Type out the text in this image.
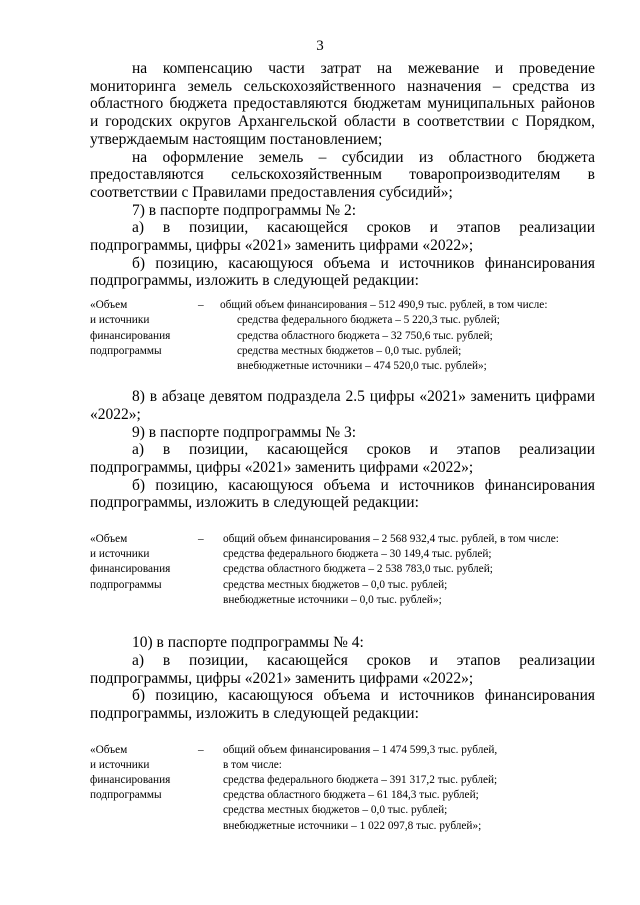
3

на компенсацию части затрат на межевание и проведение мониторинга земель сельскохозяйственного назначения – средства из областного бюджета предоставляются бюджетам муниципальных районов и городских округов Архангельской области в соответствии с Порядком, утверждаемым настоящим постановлением;

на оформление земель – субсидии из областного бюджета предоставляются сельскохозяйственным товаропроизводителям в соответствии с Правилами предоставления субсидий»;

7) в паспорте подпрограммы № 2:

а) в позиции, касающейся сроков и этапов реализации подпрограммы, цифры «2021» заменить цифрами «2022»;

б) позицию, касающуюся объема и источников финансирования подпрограммы, изложить в следующей редакции:

«Объем
и источники
финансирования
подпрограммы
–	общий объем финансирования – 512 490,9 тыс. рублей, в том числе:
средства федерального бюджета – 5 220,3 тыс. рублей;
средства областного бюджета – 32 750,6 тыс. рублей;
средства местных бюджетов – 0,0 тыс. рублей;
внебюджетные источники – 474 520,0 тыс. рублей»;

8) в абзаце девятом подраздела 2.5 цифры «2021» заменить цифрами «2022»;

9) в паспорте подпрограммы № 3:

а) в позиции, касающейся сроков и этапов реализации подпрограммы, цифры «2021» заменить цифрами «2022»;

б) позицию, касающуюся объема и источников финансирования подпрограммы, изложить в следующей редакции:

«Объем
и источники
финансирования
подпрограммы
–	общий объем финансирования – 2 568 932,4 тыс. рублей, в том числе:
средства федерального бюджета – 30 149,4 тыс. рублей;
средства областного бюджета – 2 538 783,0 тыс. рублей;
средства местных бюджетов – 0,0 тыс. рублей;
внебюджетные источники – 0,0 тыс. рублей»;

10) в паспорте подпрограммы № 4:

а) в позиции, касающейся сроков и этапов реализации подпрограммы, цифры «2021» заменить цифрами «2022»;

б) позицию, касающуюся объема и источников финансирования подпрограммы, изложить в следующей редакции:

«Объем
и источники
финансирования
подпрограммы
–	общий объем финансирования – 1 474 599,3 тыс. рублей,
в том числе:
средства федерального бюджета – 391 317,2 тыс. рублей;
средства областного бюджета – 61 184,3 тыс. рублей;
средства местных бюджетов – 0,0 тыс. рублей;
внебюджетные источники – 1 022 097,8 тыс. рублей»;
